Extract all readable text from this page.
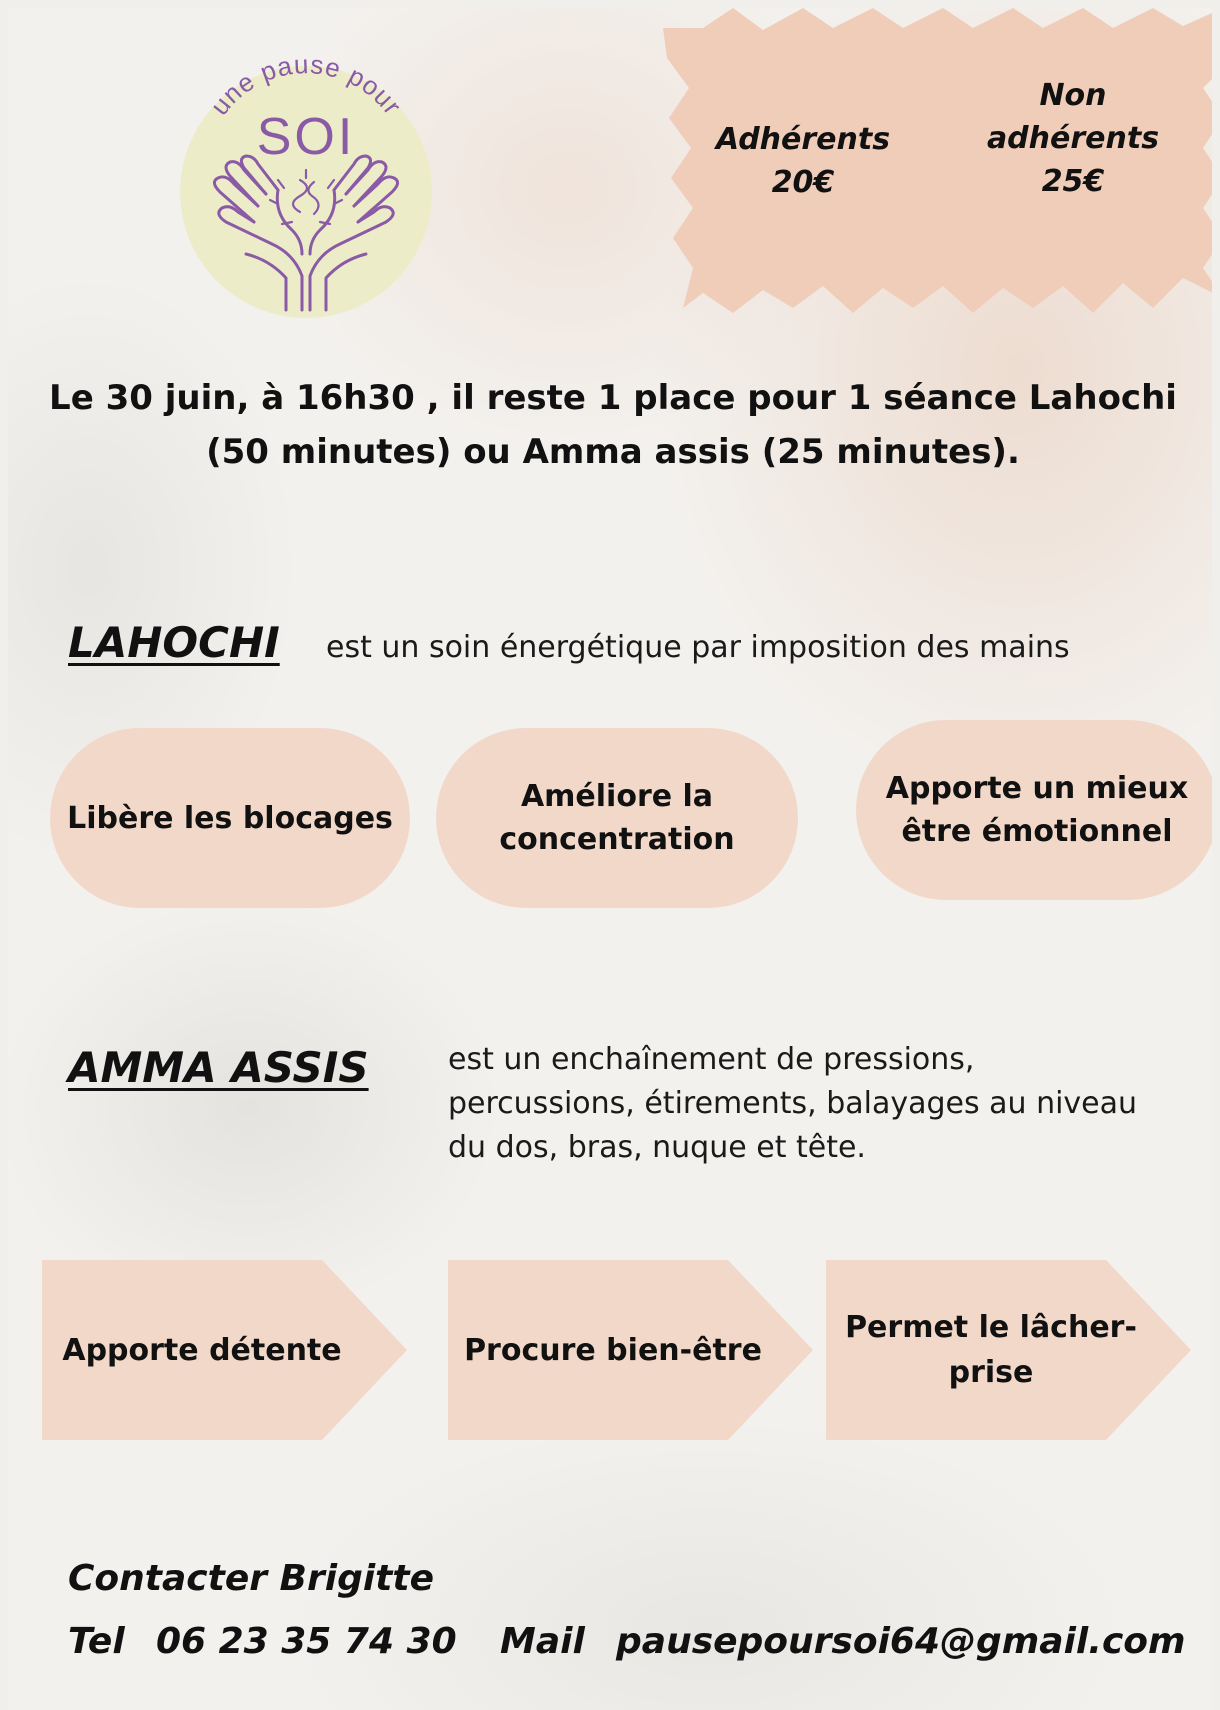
une pause pour
SOI	Adhérents
20€
Non
adhérents
25€
Le 30 juin, à 16h30 , il reste 1 place pour 1 séance Lahochi
(50 minutes) ou Amma assis (25 minutes).
LAHOCHI est un soin énergétique par imposition des mains
Libère les blocages
Améliore la
concentration
Apporte un mieux
être émotionnel
AMMA ASSIS	est un enchaînement de pressions,
percussions, étirements, balayages au niveau
du dos, bras, nuque et tête.
Apporte détente	Procure bien-être
Permet le lâcher-
prise
Contacter Brigitte
Tel 06 23 35 74 30 Mail pausepoursoi64@gmail.com
